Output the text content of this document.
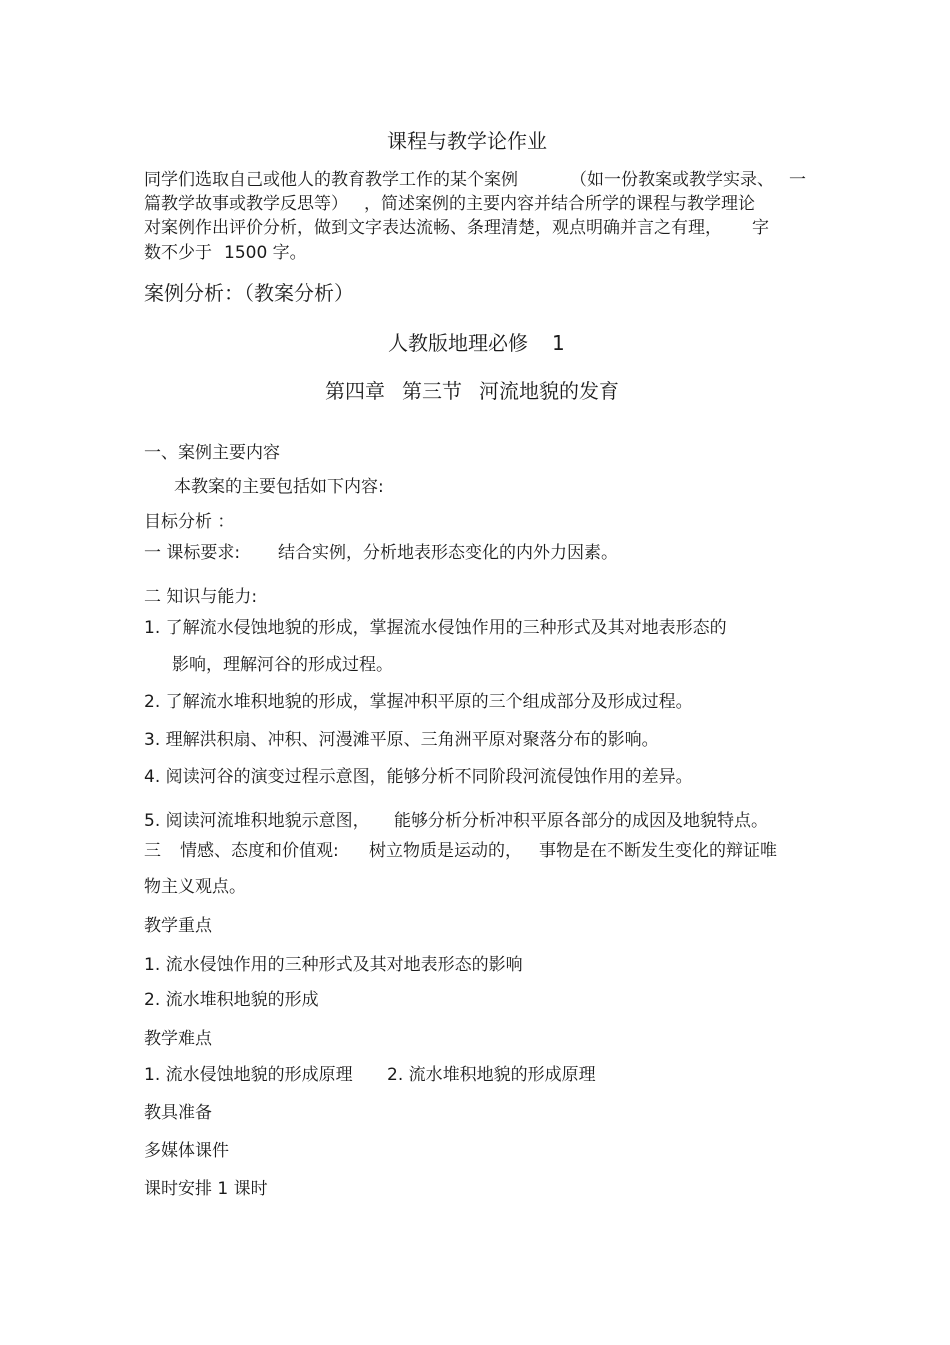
课程与教学论作业
同学们选取自己或他人的教育教学工作的某个案例	（如一份教案或教学实录、 一
篇教学故事或教学反思等） ，简述案例的主要内容并结合所学的课程与教学理论
对案例作出评价分析，做到文字表达流畅、条理清楚，观点明确并言之有理， 字
数不少于 1500 字。
案例分析：（教案分析）
人教版地理必修 1
第四章 第三节 河流地貌的发育
一、案例主要内容
本教案的主要包括如下内容:
目标分析 ：
一 课标要求: 结合实例，分析地表形态变化的内外力因素。
二 知识与能力:
1. 了解流水侵蚀地貌的形成，掌握流水侵蚀作用的三种形式及其对地表形态的
影响，理解河谷的形成过程。
2. 了解流水堆积地貌的形成，掌握冲积平原的三个组成部分及形成过程。
3. 理解洪积扇、冲积、河漫滩平原、三角洲平原对聚落分布的影响。
4. 阅读河谷的演变过程示意图，能够分析不同阶段河流侵蚀作用的差异。
5. 阅读河流堆积地貌示意图， 能够分析分析冲积平原各部分的成因及地貌特点。
三 情感、态度和价值观: 树立物质是运动的， 事物是在不断发生变化的辩证唯
物主义观点。
教学重点
1. 流水侵蚀作用的三种形式及其对地表形态的影响
2. 流水堆积地貌的形成
教学难点
1. 流水侵蚀地貌的形成原理 2. 流水堆积地貌的形成原理
教具准备
多媒体课件
课时安排 1 课时
